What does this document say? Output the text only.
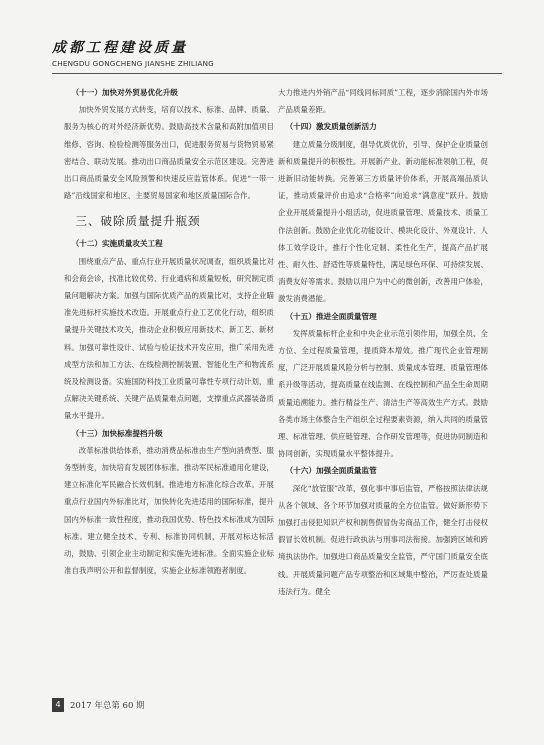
成都工程建设质量
CHENGDU GONGCHENG JIANSHE ZHILIANG
（十一）加快对外贸易优化升级

加快外贸发展方式转变，培育以技术、标准、品牌、质量、服务为核心的对外经济新优势。鼓励高技术含量和高附加值项目维修、咨询、检验检测等服务出口，促进服务贸易与货物贸易紧密结合、联动发展。推动出口商品质量安全示范区建设。完善进出口商品质量安全风险预警和快速反应监管体系。促进“一带一路”沿线国家和地区、主要贸易国家和地区质量国际合作。

三、破除质量提升瓶颈
（十二）实施质量攻关工程

围绕重点产品、重点行业开展质量状况调查，组织质量比对和会商会诊，找准比较优势、行业通病和质量短板，研究制定质量问题解决方案。加强与国际优质产品的质量比对，支持企业瞄准先进标杆实施技术改造。开展重点行业工艺优化行动，组织质量提升关键技术攻关，推动企业积极应用新技术、新工艺、新材料。加强可靠性设计、试验与验证技术开发应用，推广采用先进成型方法和加工方法、在线检测控制装置、智能化生产和物流系统及检测设备。实施国防科技工业质量可靠性专项行动计划，重点解决关键系统、关键产品质量难点问题，支撑重点武器装备质量水平提升。

（十三）加快标准提档升级

改革标准供给体系，推动消费品标准由生产型向消费型、服务型转变，加快培育发展团体标准。推动军民标准通用化建设，建立标准化军民融合长效机制。推进地方标准化综合改革。开展重点行业国内外标准比对，加快转化先进适用的国际标准，提升国内外标准一致性程度，推动我国优势、特色技术标准成为国际标准。建立健全技术、专利、标准协同机制，开展对标达标活动，鼓励、引领企业主动制定和实施先进标准。全面实施企业标准自我声明公开和监督制度，实施企业标准领跑者制度。

大力推进内外销产品“同线同标同质”工程，逐步消除国内外市场产品质量差距。

（十四）激发质量创新活力

建立质量分级制度，倡导优质优价，引导、保护企业质量创新和质量提升的积极性。开展新产业、新动能标准领航工程，促进新旧动能转换。完善第三方质量评价体系，开展高端品质认证，推动质量评价由追求“合格率”向追求“满意度”跃升。鼓励企业开展质量提升小组活动，促进质量管理、质量技术、质量工作法创新。鼓励企业优化功能设计、模块化设计、外观设计、人体工效学设计，推行个性化定制、柔性化生产，提高产品扩展性、耐久性、舒适性等质量特性，满足绿色环保、可持续发展、消费友好等需求。鼓励以用户为中心的微创新，改善用户体验，激发消费潜能。

（十五）推进全面质量管理

发挥质量标杆企业和中央企业示范引领作用，加强全员、全方位、全过程质量管理，提质降本增效。推广现代企业管理制度，广泛开展质量风险分析与控制、质量成本管理、质量管理体系升级等活动，提高质量在线监测、在线控制和产品全生命周期质量追溯能力。推行精益生产、清洁生产等高效生产方式。鼓励各类市场主体整合生产组织全过程要素资源，纳入共同的质量管理、标准管理、供应链管理、合作研发管理等，促进协同制造和协同创新，实现质量水平整体提升。

（十六）加强全面质量监管

深化“放管服”改革，强化事中事后监管，严格按照法律法规从各个领域、各个环节加强对质量的全方位监管。做好新形势下加强打击侵犯知识产权和制售假冒伪劣商品工作，健全打击侵权假冒长效机制。促进行政执法与刑事司法衔接。加强跨区域和跨境执法协作。加强进口商品质量安全监管，严守国门质量安全底线。开展质量问题产品专项整治和区域集中整治，严厉查处质量违法行为。健全

4	2017 年总第 60 期
